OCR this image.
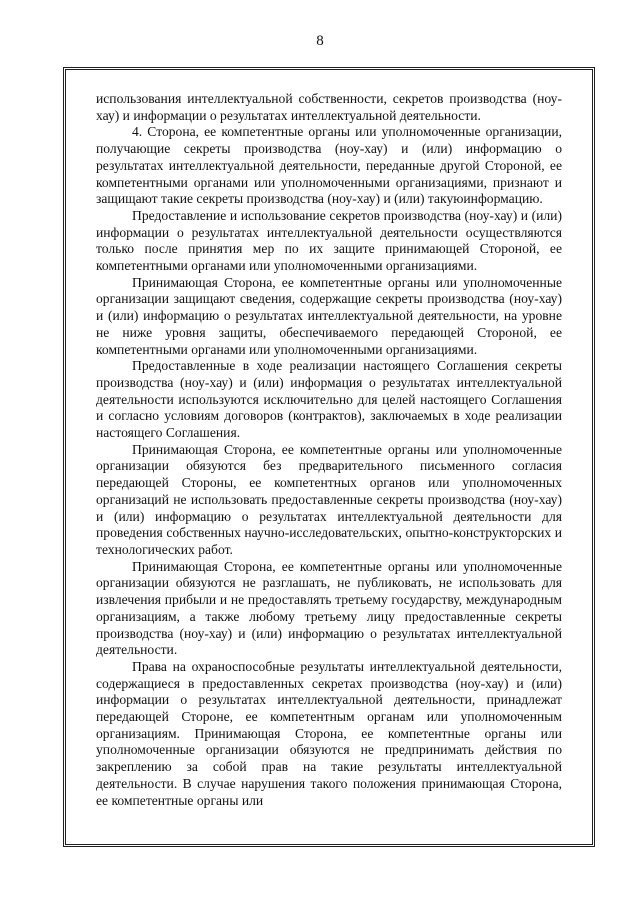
8

использования интеллектуальной собственности, секретов производства (ноу-хау) и информации о результатах интеллектуальной деятельности.

4. Сторона, ее компетентные органы или уполномоченные организации, получающие секреты производства (ноу-хау) и (или) информацию о результатах интеллектуальной деятельности, переданные другой Стороной, ее компетентными органами или уполномоченными организациями, признают и защищают такие секреты производства (ноу-хау) и (или) такуюинформацию.

Предоставление и использование секретов производства (ноу-хау) и (или) информации о результатах интеллектуальной деятельности осуществляются только после принятия мер по их защите принимающей Стороной, ее компетентными органами или уполномоченными организациями.

Принимающая Сторона, ее компетентные органы или уполномоченные организации защищают сведения, содержащие секреты производства (ноу-хау) и (или) информацию о результатах интеллектуальной деятельности, на уровне не ниже уровня защиты, обеспечиваемого передающей Стороной, ее компетентными органами или уполномоченными организациями.

Предоставленные в ходе реализации настоящего Соглашения секреты производства (ноу-хау) и (или) информация о результатах интеллектуальной деятельности используются исключительно для целей настоящего Соглашения и согласно условиям договоров (контрактов), заключаемых в ходе реализации настоящего Соглашения.

Принимающая Сторона, ее компетентные органы или уполномоченные организации обязуются без предварительного письменного согласия передающей Стороны, ее компетентных органов или уполномоченных организаций не использовать предоставленные секреты производства (ноу-хау) и (или) информацию о результатах интеллектуальной деятельности для проведения собственных научно-исследовательских, опытно-конструкторских и технологических работ.

Принимающая Сторона, ее компетентные органы или уполномоченные организации обязуются не разглашать, не публиковать, не использовать для извлечения прибыли и не предоставлять третьему государству, международным организациям, а также любому третьему лицу предоставленные секреты производства (ноу-хау) и (или) информацию о результатах интеллектуальной деятельности.

Права на охраноспособные результаты интеллектуальной деятельности, содержащиеся в предоставленных секретах производства (ноу-хау) и (или) информации о результатах интеллектуальной деятельности, принадлежат передающей Стороне, ее компетентным органам или уполномоченным организациям. Принимающая Сторона, ее компетентные органы или уполномоченные организации обязуются не предпринимать действия по закреплению за собой прав на такие результаты интеллектуальной деятельности. В случае нарушения такого положения принимающая Сторона, ее компетентные органы или
